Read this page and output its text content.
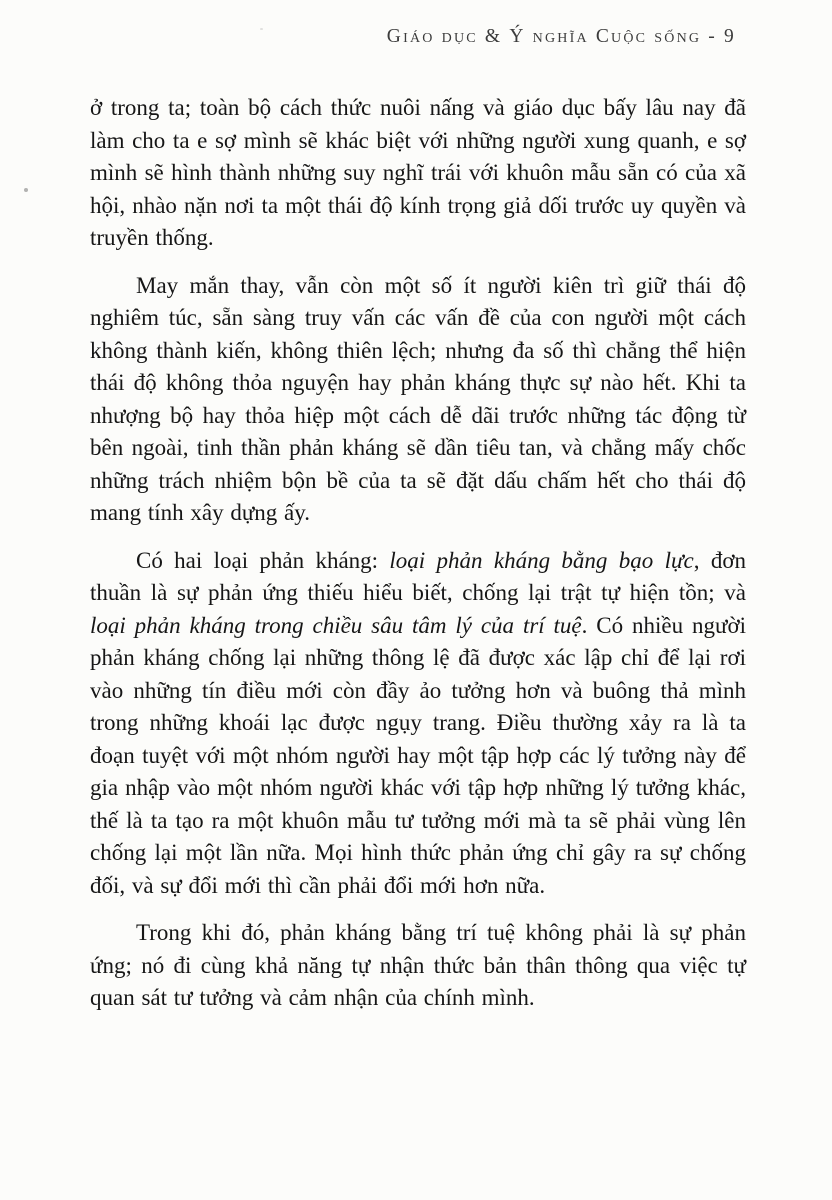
Giáo dục & Ý nghĩa Cuộc sống - 9

ở trong ta; toàn bộ cách thức nuôi nấng và giáo dục bấy lâu nay đã làm cho ta e sợ mình sẽ khác biệt với những người xung quanh, e sợ mình sẽ hình thành những suy nghĩ trái với khuôn mẫu sẵn có của xã hội, nhào nặn nơi ta một thái độ kính trọng giả dối trước uy quyền và truyền thống.

May mắn thay, vẫn còn một số ít người kiên trì giữ thái độ nghiêm túc, sẵn sàng truy vấn các vấn đề của con người một cách không thành kiến, không thiên lệch; nhưng đa số thì chẳng thể hiện thái độ không thỏa nguyện hay phản kháng thực sự nào hết. Khi ta nhượng bộ hay thỏa hiệp một cách dễ dãi trước những tác động từ bên ngoài, tinh thần phản kháng sẽ dần tiêu tan, và chẳng mấy chốc những trách nhiệm bộn bề của ta sẽ đặt dấu chấm hết cho thái độ mang tính xây dựng ấy.

Có hai loại phản kháng: loại phản kháng bằng bạo lực, đơn thuần là sự phản ứng thiếu hiểu biết, chống lại trật tự hiện tồn; và loại phản kháng trong chiều sâu tâm lý của trí tuệ. Có nhiều người phản kháng chống lại những thông lệ đã được xác lập chỉ để lại rơi vào những tín điều mới còn đầy ảo tưởng hơn và buông thả mình trong những khoái lạc được ngụy trang. Điều thường xảy ra là ta đoạn tuyệt với một nhóm người hay một tập hợp các lý tưởng này để gia nhập vào một nhóm người khác với tập hợp những lý tưởng khác, thế là ta tạo ra một khuôn mẫu tư tưởng mới mà ta sẽ phải vùng lên chống lại một lần nữa. Mọi hình thức phản ứng chỉ gây ra sự chống đối, và sự đổi mới thì cần phải đổi mới hơn nữa.

Trong khi đó, phản kháng bằng trí tuệ không phải là sự phản ứng; nó đi cùng khả năng tự nhận thức bản thân thông qua việc tự quan sát tư tưởng và cảm nhận của chính mình.
